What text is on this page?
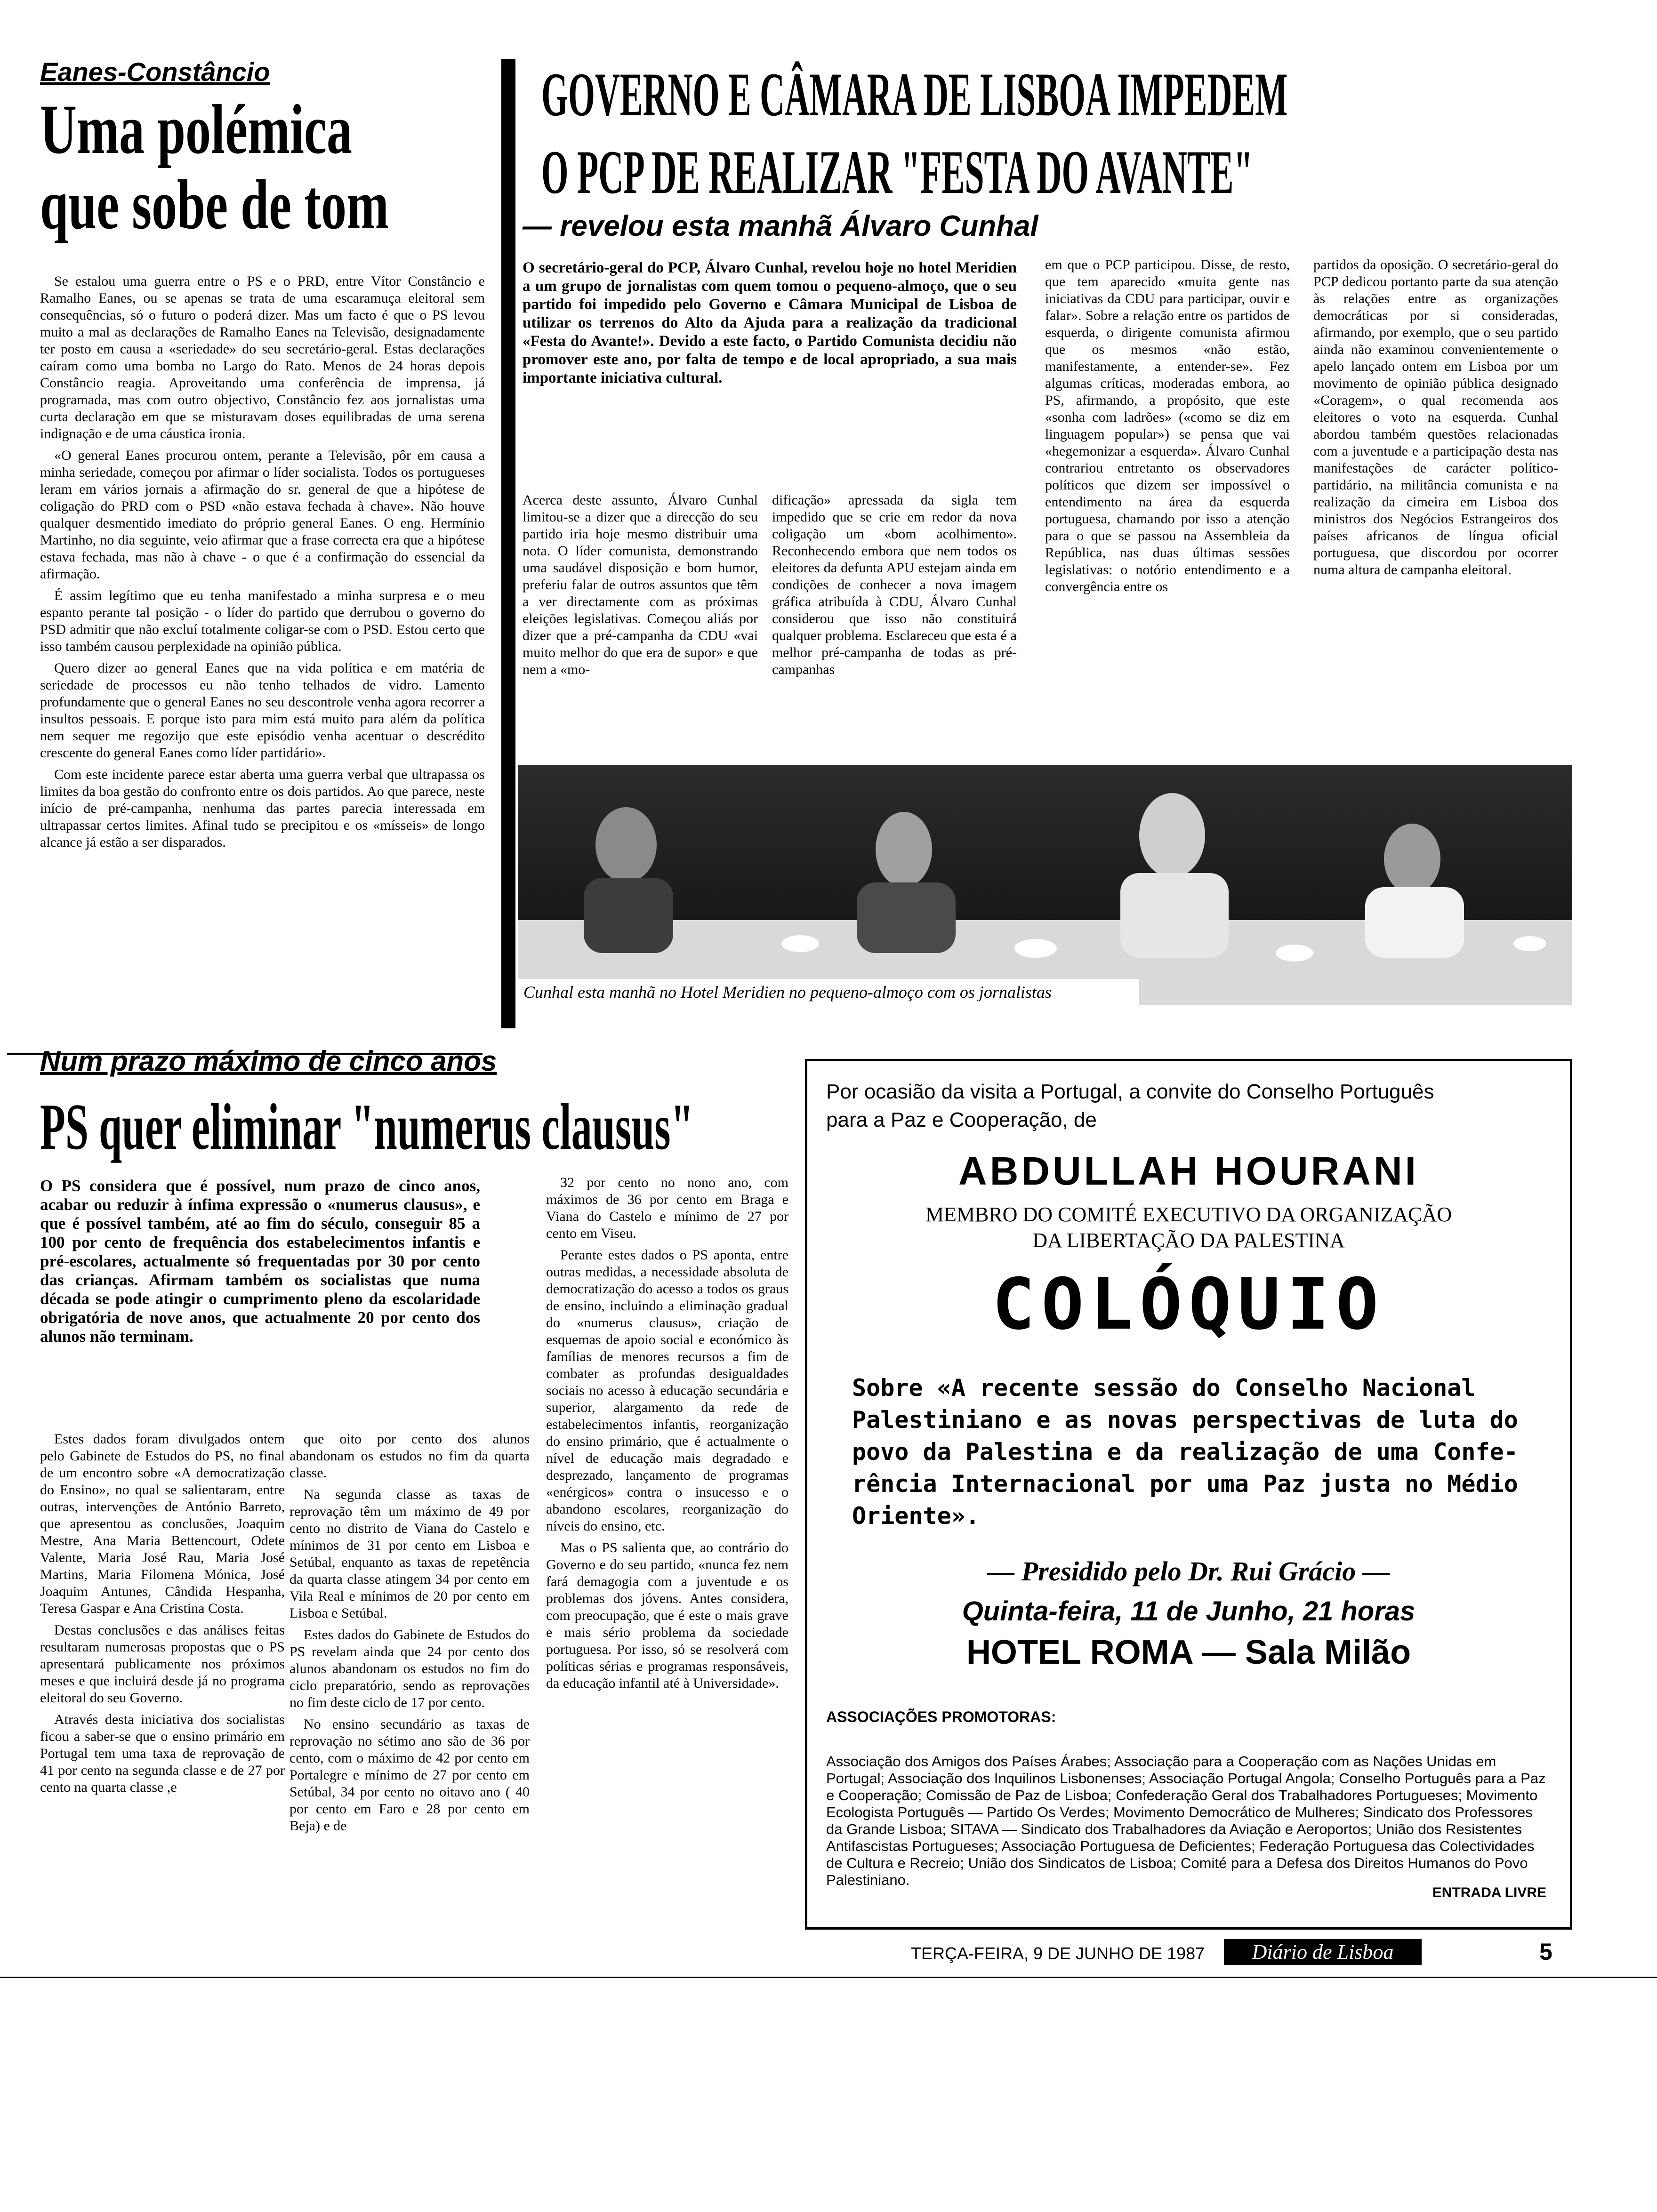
Eanes-Constâncio
Uma polémica
que sobe de tom

Se estalou uma guerra entre o PS e o PRD, entre Vítor Constâncio e Ramalho Eanes, ou se apenas se trata de uma escaramuça eleitoral sem consequências, só o futuro o poderá dizer. Mas um facto é que o PS levou muito a mal as declarações de Ramalho Eanes na Televisão, designadamente ter posto em causa a «seriedade» do seu secretário-geral. Estas declarações caíram como uma bomba no Largo do Rato. Menos de 24 horas depois Constâncio reagia. Aproveitando uma conferência de imprensa, já programada, mas com outro objectivo, Constâncio fez aos jornalistas uma curta declaração em que se misturavam doses equilibradas de uma serena indignação e de uma cáustica ironia.

«O general Eanes procurou ontem, perante a Televisão, pôr em causa a minha seriedade, começou por afirmar o líder socialista. Todos os portugueses leram em vários jornais a afirmação do sr. general de que a hipótese de coligação do PRD com o PSD «não estava fechada à chave». Não houve qualquer desmentido imediato do próprio general Eanes. O eng. Hermínio Martinho, no dia seguinte, veio afirmar que a frase correcta era que a hipótese estava fechada, mas não à chave - o que é a confirmação do essencial da afirmação.

É assim legítimo que eu tenha manifestado a minha surpresa e o meu espanto perante tal posição - o líder do partido que derrubou o governo do PSD admitir que não excluí totalmente coligar-se com o PSD. Estou certo que isso também causou perplexidade na opinião pública.

Quero dizer ao general Eanes que na vida política e em matéria de seriedade de processos eu não tenho telhados de vidro. Lamento profundamente que o general Eanes no seu descontrole venha agora recorrer a insultos pessoais. E porque isto para mim está muito para além da política nem sequer me regozijo que este episódio venha acentuar o descrédito crescente do general Eanes como líder partidário».

Com este incidente parece estar aberta uma guerra verbal que ultrapassa os limites da boa gestão do confronto entre os dois partidos. Ao que parece, neste início de pré-campanha, nenhuma das partes parecia interessada em ultrapassar certos limites. Afinal tudo se precipitou e os «mísseis» de longo alcance já estão a ser disparados.

GOVERNO E CÂMARA DE LISBOA IMPEDEM
O PCP DE REALIZAR "FESTA DO AVANTE"
— revelou esta manhã Álvaro Cunhal
O secretário-geral do PCP, Álvaro Cunhal, revelou hoje no hotel Meridien a um grupo de jornalistas com quem tomou o pequeno-almoço, que o seu partido foi impedido pelo Governo e Câmara Municipal de Lisboa de utilizar os terrenos do Alto da Ajuda para a realização da tradicional «Festa do Avante!». Devido a este facto, o Partido Comunista decidiu não promover este ano, por falta de tempo e de local apropriado, a sua mais importante iniciativa cultural.
Acerca deste assunto, Álvaro Cunhal limitou-se a dizer que a direcção do seu partido iria hoje mesmo distribuir uma nota. O líder comunista, demonstrando uma saudável disposição e bom humor, preferiu falar de outros assuntos que têm a ver directamente com as próximas eleições legislativas. Começou aliás por dizer que a pré-campanha da CDU «vai muito melhor do que era de supor» e que nem a «mo-
dificação» apressada da sigla tem impedido que se crie em redor da nova coligação um «bom acolhimento». Reconhecendo embora que nem todos os eleitores da defunta APU estejam ainda em condições de conhecer a nova imagem gráfica atribuída à CDU, Álvaro Cunhal considerou que isso não constituirá qualquer problema. Esclareceu que esta é a melhor pré-campanha de todas as pré-campanhas
em que o PCP participou. Disse, de resto, que tem aparecido «muita gente nas iniciativas da CDU para participar, ouvir e falar». Sobre a relação entre os partidos de esquerda, o dirigente comunista afirmou que os mesmos «não estão, manifestamente, a entender-se». Fez algumas críticas, moderadas embora, ao PS, afirmando, a propósito, que este «sonha com ladrões» («como se diz em linguagem popular») se pensa que vai «hegemonizar a esquerda». Álvaro Cunhal contrariou entretanto os observadores políticos que dizem ser impossível o entendimento na área da esquerda portuguesa, chamando por isso a atenção para o que se passou na Assembleia da República, nas duas últimas sessões legislativas: o notório entendimento e a convergência entre os
partidos da oposição. O secretário-geral do PCP dedicou portanto parte da sua atenção às relações entre as organizações democráticas por si consideradas, afirmando, por exemplo, que o seu partido ainda não examinou convenientemente o apelo lançado ontem em Lisboa por um movimento de opinião pública designado «Coragem», o qual recomenda aos eleitores o voto na esquerda. Cunhal abordou também questões relacionadas com a juventude e a participação desta nas manifestações de carácter político-partidário, na militância comunista e na realização da cimeira em Lisboa dos ministros dos Negócios Estrangeiros dos países africanos de língua oficial portuguesa, que discordou por ocorrer numa altura de campanha eleitoral.
Cunhal esta manhã no Hotel Meridien no pequeno-almoço com os jornalistas
Num prazo máximo de cinco anos
PS quer eliminar "numerus clausus"
O PS considera que é possível, num prazo de cinco anos, acabar ou reduzir à ínfima expressão o «numerus clausus», e que é possível também, até ao fim do século, conseguir 85 a 100 por cento de frequência dos estabelecimentos infantis e pré-escolares, actualmente só frequentadas por 30 por cento das crianças. Afirmam também os socialistas que numa década se pode atingir o cumprimento pleno da escolaridade obrigatória de nove anos, que actualmente 20 por cento dos alunos não terminam.

Estes dados foram divulgados ontem pelo Gabinete de Estudos do PS, no final de um encontro sobre «A democratização do Ensino», no qual se salientaram, entre outras, intervenções de António Barreto, que apresentou as conclusões, Joaquim Mestre, Ana Maria Bettencourt, Odete Valente, Maria José Rau, Maria José Martins, Maria Filomena Mónica, José Joaquim Antunes, Cândida Hespanha, Teresa Gaspar e Ana Cristina Costa.

Destas conclusões e das análises feitas resultaram numerosas propostas que o PS apresentará publicamente nos próximos meses e que incluirá desde já no programa eleitoral do seu Governo.

Através desta iniciativa dos socialistas ficou a saber-se que o ensino primário em Portugal tem uma taxa de reprovação de 41 por cento na segunda classe e de 27 por cento na quarta classe ,e

que oito por cento dos alunos abandonam os estudos no fim da quarta classe.

Na segunda classe as taxas de reprovação têm um máximo de 49 por cento no distrito de Viana do Castelo e mínimos de 31 por cento em Lisboa e Setúbal, enquanto as taxas de repetência da quarta classe atingem 34 por cento em Vila Real e mínimos de 20 por cento em Lisboa e Setúbal.

Estes dados do Gabinete de Estudos do PS revelam ainda que 24 por cento dos alunos abandonam os estudos no fim do ciclo preparatório, sendo as reprovações no fim deste ciclo de 17 por cento.

No ensino secundário as taxas de reprovação no sétimo ano são de 36 por cento, com o máximo de 42 por cento em Portalegre e mínimo de 27 por cento em Setúbal, 34 por cento no oitavo ano ( 40 por cento em Faro e 28 por cento em Beja) e de

32 por cento no nono ano, com máximos de 36 por cento em Braga e Viana do Castelo e mínimo de 27 por cento em Viseu.

Perante estes dados o PS aponta, entre outras medidas, a necessidade absoluta de democratização do acesso a todos os graus de ensino, incluindo a eliminação gradual do «numerus clausus», criação de esquemas de apoio social e económico às famílias de menores recursos a fim de combater as profundas desigualdades sociais no acesso à educação secundária e superior, alargamento da rede de estabelecimentos infantis, reorganização do ensino primário, que é actualmente o nível de educação mais degradado e desprezado, lançamento de programas «enérgicos» contra o insucesso e o abandono escolares, reorganização do níveis do ensino, etc.

Mas o PS salienta que, ao contrário do Governo e do seu partido, «nunca fez nem fará demagogia com a juventude e os problemas dos jóvens. Antes considera, com preocupação, que é este o mais grave e mais sério problema da sociedade portuguesa. Por isso, só se resolverá com políticas sérias e programas responsáveis, da educação infantil até à Universidade».

Por ocasião da visita a Portugal, a convite do Conselho Português
para a Paz e Cooperação, de
ABDULLAH HOURANI
MEMBRO DO COMITÉ EXECUTIVO DA ORGANIZAÇÃO
DA LIBERTAÇÃO DA PALESTINA
COLÓQUIO
Sobre «A recente sessão do Conselho Nacional
Palestiniano e as novas perspectivas de luta do
povo da Palestina e da realização de uma Confe-
rência Internacional por uma Paz justa no Médio
Oriente».
— Presidido pelo Dr. Rui Grácio —
Quinta-feira, 11 de Junho, 21 horas
HOTEL ROMA — Sala Milão
ASSOCIAÇÕES PROMOTORAS:
Associação dos Amigos dos Países Árabes; Associação para a Cooperação com as Nações Unidas em Portugal; Associação dos Inquilinos Lisbonenses; Associação Portugal Angola; Conselho Português para a Paz e Cooperação; Comissão de Paz de Lisboa; Confederação Geral dos Trabalhadores Portugueses; Movimento Ecologista Português — Partido Os Verdes; Movimento Democrático de Mulheres; Sindicato dos Professores da Grande Lisboa; SITAVA — Sindicato dos Trabalhadores da Aviação e Aeroportos; União dos Resistentes Antifascistas Portugueses; Associação Portuguesa de Deficientes; Federação Portuguesa das Colectividades de Cultura e Recreio; União dos Sindicatos de Lisboa; Comité para a Defesa dos Direitos Humanos do Povo Palestiniano.
ENTRADA LIVRE
TERÇA-FEIRA, 9 DE JUNHO DE 1987	Diário de Lisboa	5
